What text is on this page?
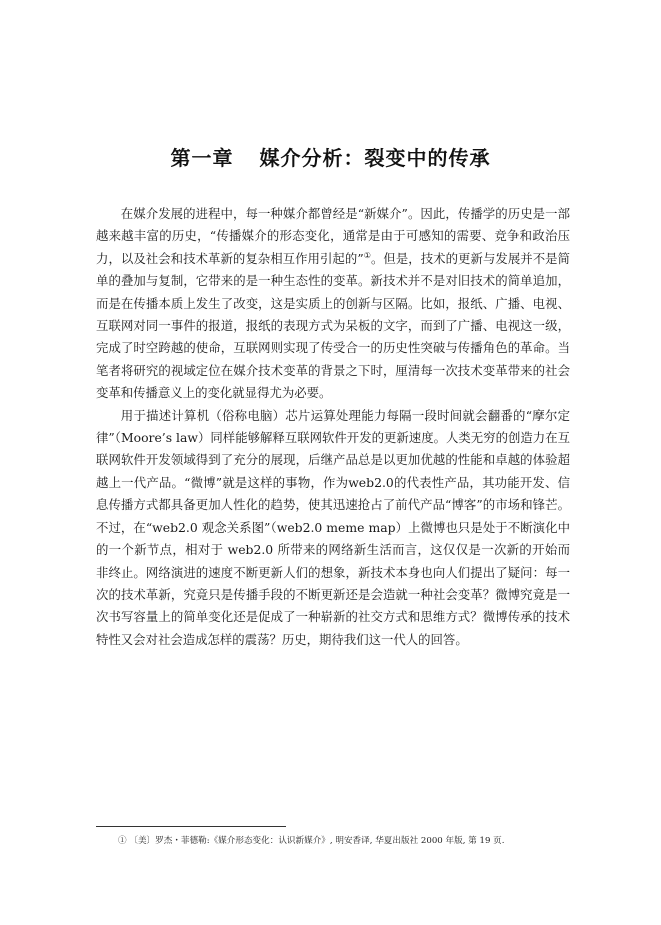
第一章 媒介分析：裂变中的传承

在媒介发展的进程中，每一种媒介都曾经是“新媒介”。因此，传播学的历史是一部越来越丰富的历史，“传播媒介的形态变化，通常是由于可感知的需要、竞争和政治压力，以及社会和技术革新的复杂相互作用引起的”①。但是，技术的更新与发展并不是简单的叠加与复制，它带来的是一种生态性的变革。新技术并不是对旧技术的简单追加，而是在传播本质上发生了改变，这是实质上的创新与区隔。比如，报纸、广播、电视、互联网对同一事件的报道，报纸的表现方式为呆板的文字，而到了广播、电视这一级，完成了时空跨越的使命，互联网则实现了传受合一的历史性突破与传播角色的革命。当笔者将研究的视域定位在媒介技术变革的背景之下时，厘清每一次技术变革带来的社会变革和传播意义上的变化就显得尤为必要。

用于描述计算机（俗称电脑）芯片运算处理能力每隔一段时间就会翻番的“摩尔定律”（Moore’s law）同样能够解释互联网软件开发的更新速度。人类无穷的创造力在互联网软件开发领域得到了充分的展现，后继产品总是以更加优越的性能和卓越的体验超越上一代产品。“微博”就是这样的事物，作为web2.0的代表性产品，其功能开发、信息传播方式都具备更加人性化的趋势，使其迅速抢占了前代产品“博客”的市场和锋芒。不过，在“web2.0 观念关系图”（web2.0 meme map）上微博也只是处于不断演化中的一个新节点，相对于 web2.0 所带来的网络新生活而言，这仅仅是一次新的开始而非终止。网络演进的速度不断更新人们的想象，新技术本身也向人们提出了疑问：每一次的技术革新，究竟只是传播手段的不断更新还是会造就一种社会变革？微博究竟是一次书写容量上的简单变化还是促成了一种崭新的社交方式和思维方式？微博传承的技术特性又会对社会造成怎样的震荡？历史，期待我们这一代人的回答。

① 〔美〕罗杰・菲德勒:《媒介形态变化：认识新媒介》, 明安香译, 华夏出版社 2000 年版, 第 19 页.
